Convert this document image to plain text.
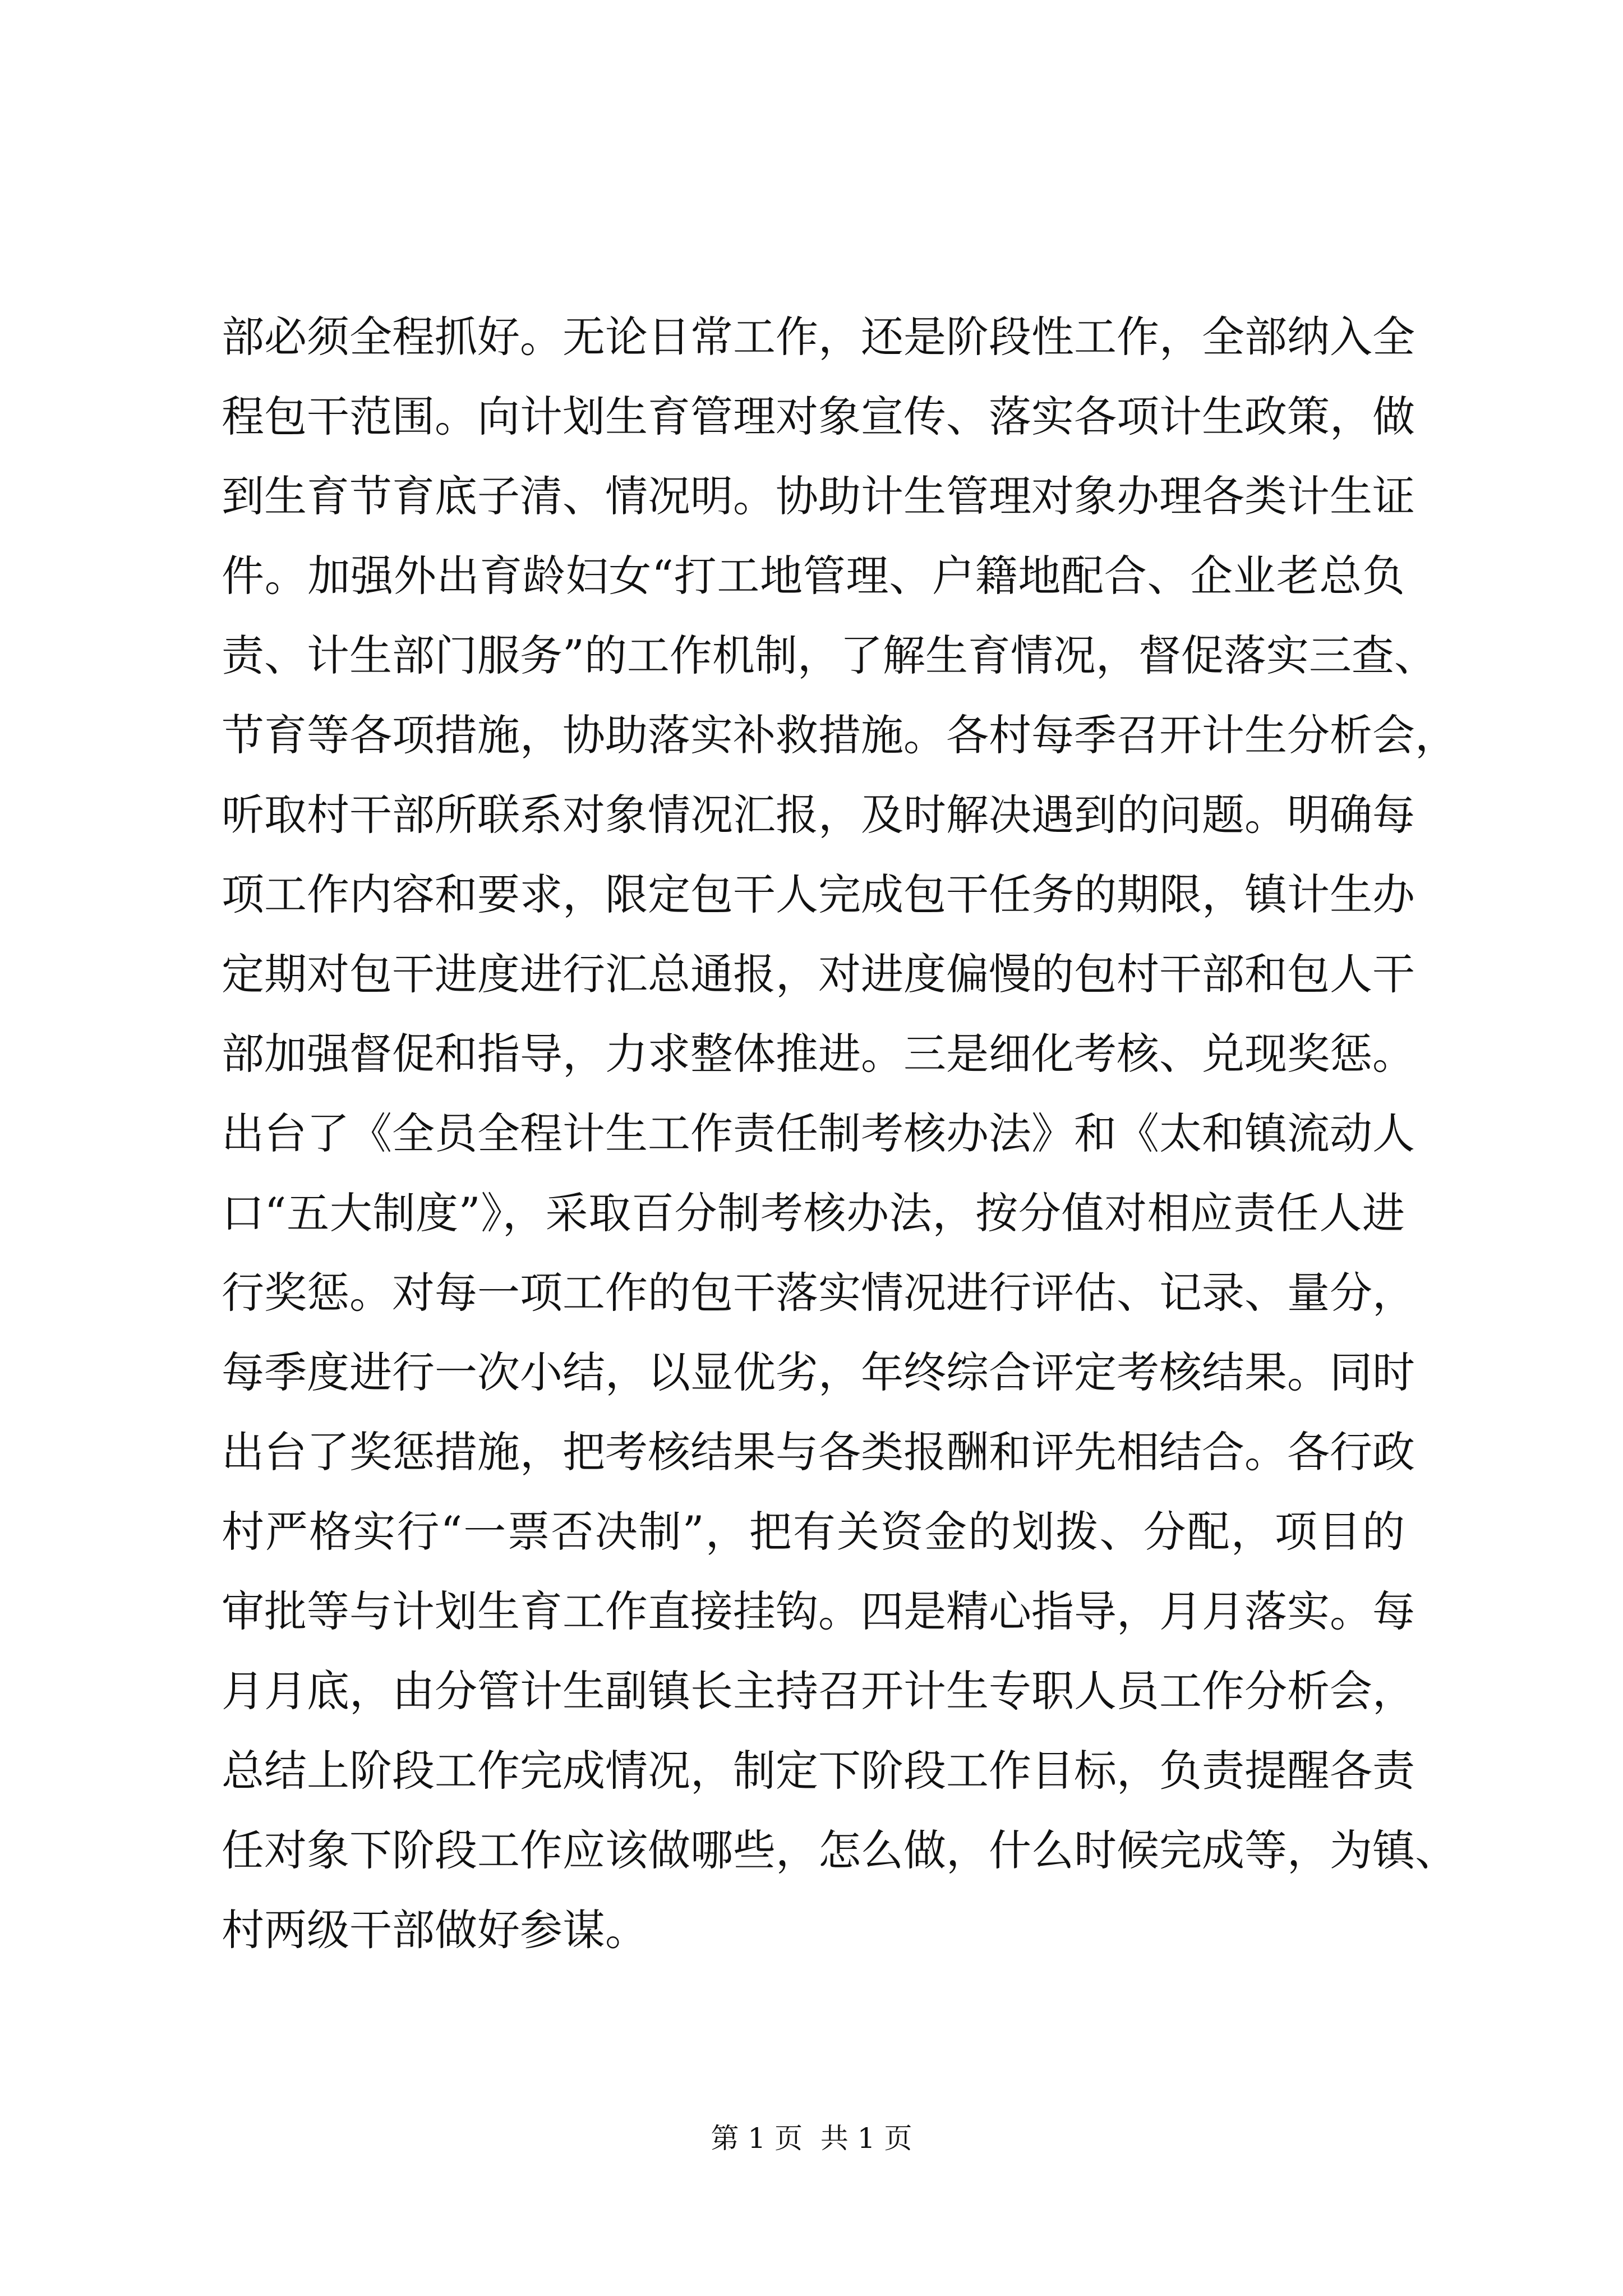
部必须全程抓好。无论日常工作，还是阶段性工作，全部纳入全
程包干范围。向计划生育管理对象宣传、落实各项计生政策，做
到生育节育底子清、情况明。协助计生管理对象办理各类计生证
件。加强外出育龄妇女“打工地管理、户籍地配合、企业老总负
责、计生部门服务”的工作机制，了解生育情况，督促落实三查、
节育等各项措施，协助落实补救措施。各村每季召开计生分析会，
听取村干部所联系对象情况汇报，及时解决遇到的问题。明确每
项工作内容和要求，限定包干人完成包干任务的期限，镇计生办
定期对包干进度进行汇总通报，对进度偏慢的包村干部和包人干
部加强督促和指导，力求整体推进。三是细化考核、兑现奖惩。
出台了《全员全程计生工作责任制考核办法》和《太和镇流动人
口“五大制度”》，采取百分制考核办法，按分值对相应责任人进
行奖惩。对每一项工作的包干落实情况进行评估、记录、量分，
每季度进行一次小结，以显优劣，年终综合评定考核结果。同时
出台了奖惩措施，把考核结果与各类报酬和评先相结合。各行政
村严格实行“一票否决制”，把有关资金的划拨、分配，项目的
审批等与计划生育工作直接挂钩。四是精心指导，月月落实。每
月月底，由分管计生副镇长主持召开计生专职人员工作分析会，
总结上阶段工作完成情况，制定下阶段工作目标，负责提醒各责
任对象下阶段工作应该做哪些，怎么做，什么时候完成等，为镇、
村两级干部做好参谋。
第 1 页  共 1 页
